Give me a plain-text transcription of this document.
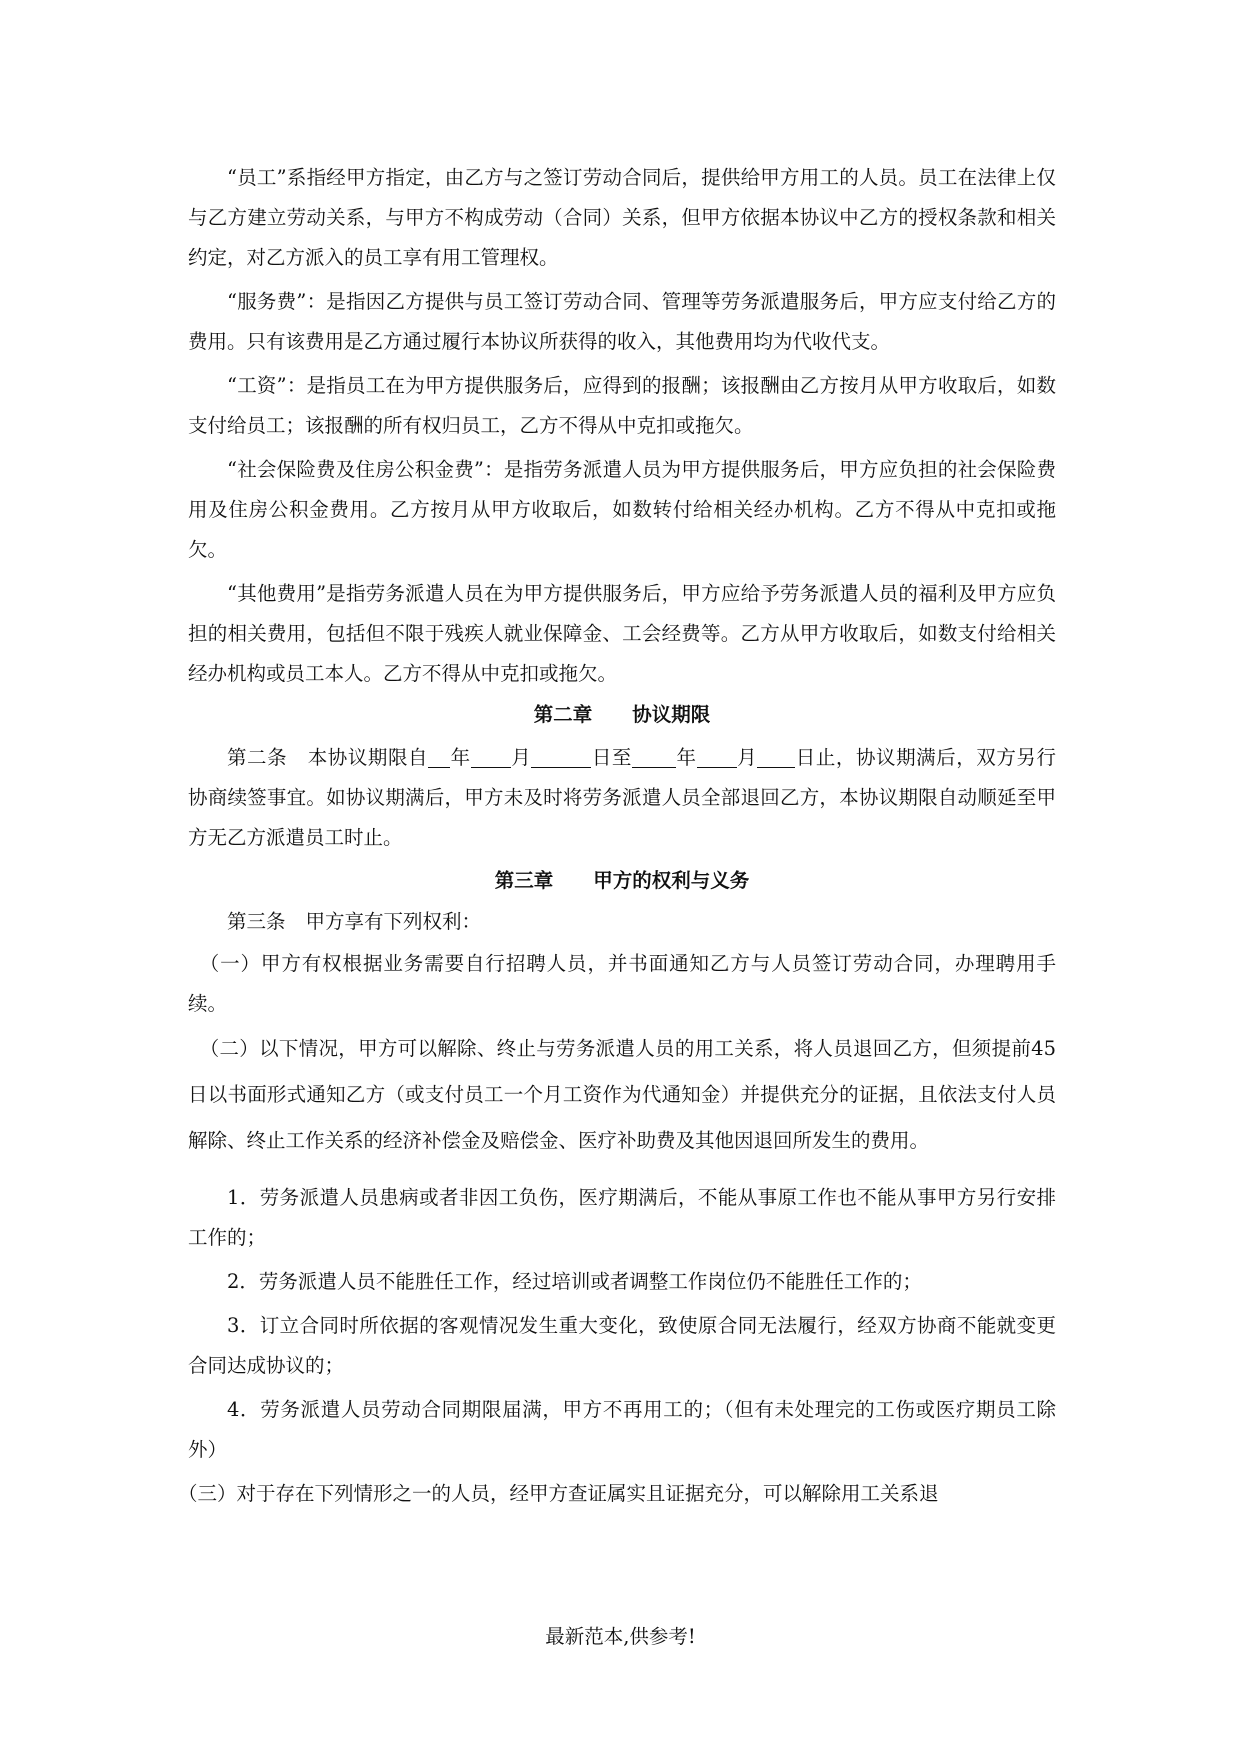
“员工”系指经甲方指定，由乙方与之签订劳动合同后，提供给甲方用工的人员。员工在法律上仅与乙方建立劳动关系，与甲方不构成劳动（合同）关系，但甲方依据本协议中乙方的授权条款和相关约定，对乙方派入的员工享有用工管理权。

“服务费”：是指因乙方提供与员工签订劳动合同、管理等劳务派遣服务后，甲方应支付给乙方的费用。只有该费用是乙方通过履行本协议所获得的收入，其他费用均为代收代支。

“工资”：是指员工在为甲方提供服务后，应得到的报酬；该报酬由乙方按月从甲方收取后，如数支付给员工；该报酬的所有权归员工，乙方不得从中克扣或拖欠。

“社会保险费及住房公积金费”：是指劳务派遣人员为甲方提供服务后，甲方应负担的社会保险费用及住房公积金费用。乙方按月从甲方收取后，如数转付给相关经办机构。乙方不得从中克扣或拖欠。

“其他费用”是指劳务派遣人员在为甲方提供服务后，甲方应给予劳务派遣人员的福利及甲方应负担的相关费用，包括但不限于残疾人就业保障金、工会经费等。乙方从甲方收取后，如数支付给相关经办机构或员工本人。乙方不得从中克扣或拖欠。

第二章 协议期限

第二条 本协议期限自 年 月	日至 年 月 日止，协议期满后，双方另行协商续签事宜。如协议期满后，甲方未及时将劳务派遣人员全部退回乙方，本协议期限自动顺延至甲方无乙方派遣员工时止。

第三章 甲方的权利与义务

第三条 甲方享有下列权利：

（一）甲方有权根据业务需要自行招聘人员，并书面通知乙方与人员签订劳动合同，办理聘用手续。

（二）以下情况，甲方可以解除、终止与劳务派遣人员的用工关系，将人员退回乙方，但须提前45日以书面形式通知乙方（或支付员工一个月工资作为代通知金）并提供充分的证据，且依法支付人员解除、终止工作关系的经济补偿金及赔偿金、医疗补助费及其他因退回所发生的费用。

1．劳务派遣人员患病或者非因工负伤，医疗期满后，不能从事原工作也不能从事甲方另行安排工作的；

2．劳务派遣人员不能胜任工作，经过培训或者调整工作岗位仍不能胜任工作的；

3．订立合同时所依据的客观情况发生重大变化，致使原合同无法履行，经双方协商不能就变更合同达成协议的；

4．劳务派遣人员劳动合同期限届满，甲方不再用工的；（但有未处理完的工伤或医疗期员工除外）

（三）对于存在下列情形之一的人员，经甲方查证属实且证据充分，可以解除用工关系退

最新范本,供参考!
